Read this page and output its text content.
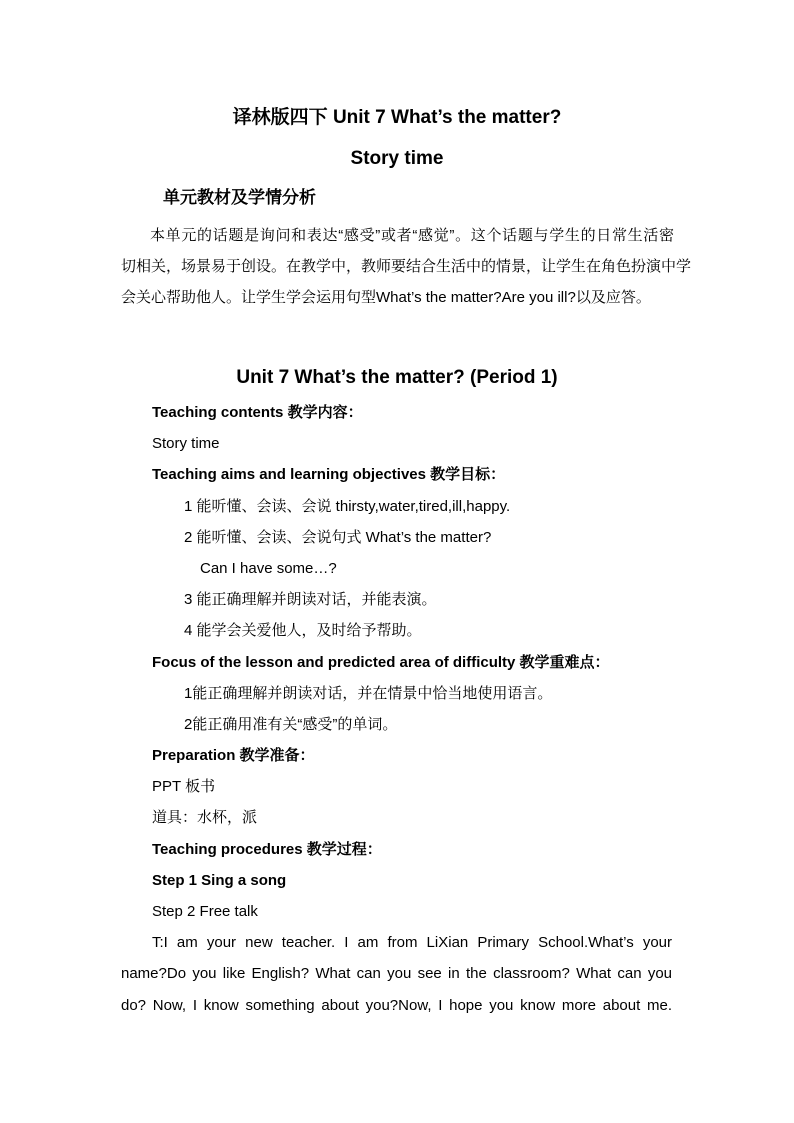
译林版四下 Unit 7 What’s the matter?
Story time
单元教材及学情分析
本单元的话题是询问和表达“感受”或者“感觉”。这个话题与学生的日常生活密
切相关，场景易于创设。在教学中，教师要结合生活中的情景，让学生在角色扮演中学
会关心帮助他人。让学生学会运用句型What’s the matter?Are you ill?以及应答。
Unit 7 What’s the matter? (Period 1)
Teaching contents 教学内容：
Story time
Teaching aims and learning objectives 教学目标：
1 能听懂、会读、会说 thirsty,water,tired,ill,happy.
2 能听懂、会读、会说句式 What’s the matter?
Can I have some…?
3 能正确理解并朗读对话，并能表演。
4 能学会关爱他人，及时给予帮助。
Focus of the lesson and predicted area of difficulty 教学重难点：
1能正确理解并朗读对话，并在情景中恰当地使用语言。
2能正确用准有关“感受”的单词。
Preparation 教学准备：
PPT 板书
道具：水杯，派
Teaching procedures 教学过程：
Step 1 Sing a song
Step 2 Free talk
T:I am your new teacher. I am from LiXian Primary School.What’s your
name?Do you like English? What can you see in the classroom? What can you
do? Now, I know something about you?Now, I hope you know more about me.
